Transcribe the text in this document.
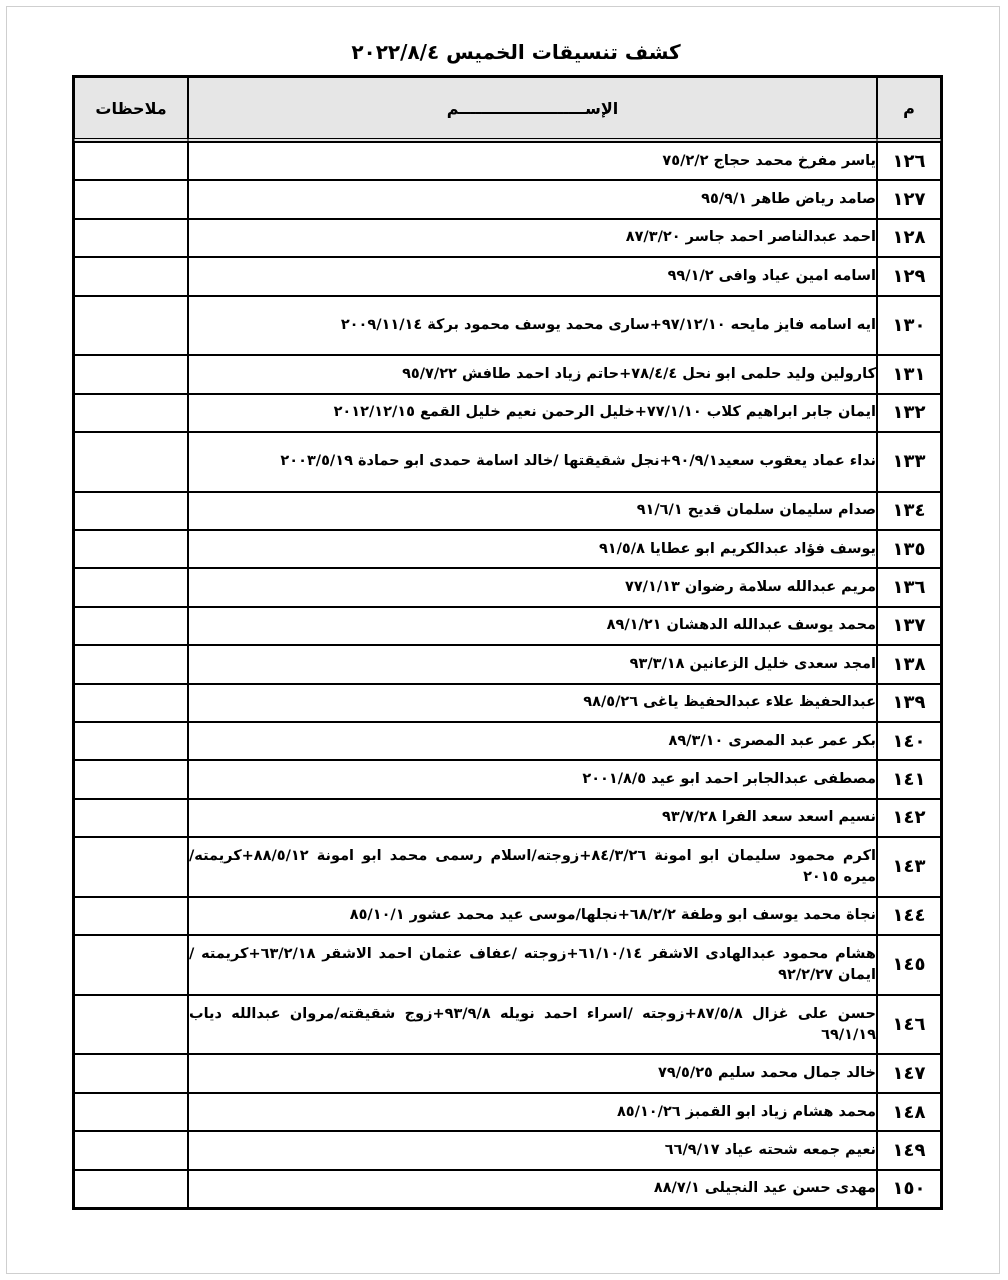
كشف تنسيقات الخميس ٢٠٢٢/٨/٤
م	الإســـــــــــــــــــــــم	ملاحظات
١٢٦	ياسر مفرخ محمد حجاج ٧٥/٢/٢	
١٢٧	صامد رياض طاهر ٩٥/٩/١	
١٢٨	احمد عبدالناصر احمد جاسر ٨٧/٣/٢٠	
١٢٩	اسامه امين عياد وافى ٩٩/١/٢	
١٣٠	ايه اسامه فايز مايحه ٩٧/١٢/١٠+سارى محمد يوسف محمود بركة ٢٠٠٩/١١/١٤	
١٣١	كارولين وليد حلمى ابو نحل ٧٨/٤/٤+حاتم زياد احمد طافش ٩٥/٧/٢٢	
١٣٢	ايمان جابر ابراهيم كلاب ٧٧/١/١٠+خليل الرحمن نعيم خليل القمع ٢٠١٢/١٢/١٥	
١٣٣	نداء عماد يعقوب سعيد٩٠/٩/١+نجل شقيقتها /خالد اسامة حمدى ابو حمادة ٢٠٠٣/٥/١٩	
١٣٤	صدام سليمان سلمان قديح ٩١/٦/١	
١٣٥	يوسف فؤاد عبدالكريم ابو عطايا ٩١/٥/٨	
١٣٦	مريم عبدالله سلامة رضوان ٧٧/١/١٣	
١٣٧	محمد يوسف عبدالله الدهشان ٨٩/١/٢١	
١٣٨	امجد سعدى خليل الزعانين ٩٣/٣/١٨	
١٣٩	عبدالحفيظ علاء عبدالحفيظ ياغى ٩٨/٥/٢٦	
١٤٠	بكر عمر عبد المصرى ٨٩/٣/١٠	
١٤١	مصطفى عبدالجابر احمد ابو عيد ٢٠٠١/٨/٥	
١٤٢	نسيم اسعد سعد الفرا ٩٣/٧/٢٨	
١٤٣	اكرم محمود سليمان ابو امونة ٨٤/٣/٢٦+زوجته/اسلام رسمى محمد ابو امونة ٨٨/٥/١٢+كريمته/ ميره ٢٠١٥	
١٤٤	نجاة محمد يوسف ابو وطفة ٦٨/٢/٢+نجلها/موسى عيد محمد عشور ٨٥/١٠/١	
١٤٥	هشام محمود عبدالهادى الاشقر ٦١/١٠/١٤+زوجته /عفاف عثمان احمد الاشقر ٦٣/٢/١٨+كريمته /ايمان ٩٢/٢/٢٧	
١٤٦	حسن على غزال ٨٧/٥/٨+زوجته /اسراء احمد نويله ٩٣/٩/٨+زوج شقيقته/مروان عبدالله دياب ٦٩/١/١٩	
١٤٧	خالد جمال محمد سليم ٧٩/٥/٢٥	
١٤٨	محمد هشام زياد ابو القمبز ٨٥/١٠/٢٦	
١٤٩	نعيم جمعه شحته عياد ٦٦/٩/١٧	
١٥٠	مهدى حسن عيد النجيلى ٨٨/٧/١	
